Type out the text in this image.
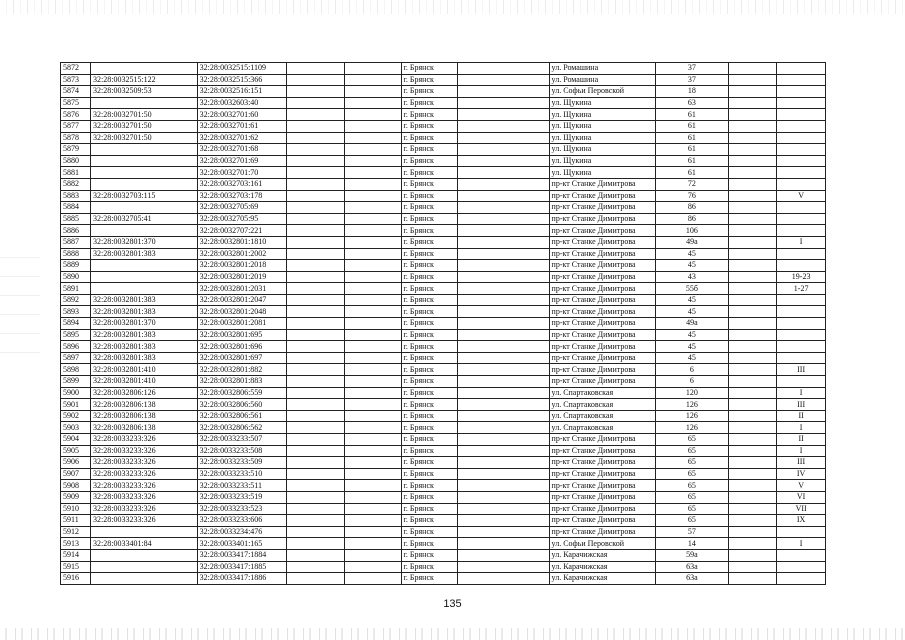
5872		32:28:0032515:1109			г. Брянск		ул. Ромашина	37		
5873	32:28:0032515:122	32:28:0032515:366			г. Брянск		ул. Ромашина	37		
5874	32:28:0032509:53	32:28:0032516:151			г. Брянск		ул. Софьи Перовской	18		
5875		32:28:0032603:40			г. Брянск		ул. Щукина	63		
5876	32:28:0032701:50	32:28:0032701:60			г. Брянск		ул. Щукина	61		
5877	32:28:0032701:50	32:28:0032701:61			г. Брянск		ул. Щукина	61		
5878	32:28:0032701:50	32:28:0032701:62			г. Брянск		ул. Щукина	61		
5879		32:28:0032701:68			г. Брянск		ул. Щукина	61		
5880		32:28:0032701:69			г. Брянск		ул. Щукина	61		
5881		32:28:0032701:70			г. Брянск		ул. Щукина	61		
5882		32:28:0032703:161			г. Брянск		пр-кт Станке Димитрова	72		
5883	32:28:0032703:115	32:28:0032703:178			г. Брянск		пр-кт Станке Димитрова	76		V
5884		32:28:0032705:69			г. Брянск		пр-кт Станке Димитрова	86		
5885	32:28:0032705:41	32:28:0032705:95			г. Брянск		пр-кт Станке Димитрова	86		
5886		32:28:0032707:221			г. Брянск		пр-кт Станке Димитрова	106		
5887	32:28:0032801:370	32:28:0032801:1810			г. Брянск		пр-кт Станке Димитрова	49а		I
5888	32:28:0032801:383	32:28:0032801:2002			г. Брянск		пр-кт Станке Димитрова	45		
5889		32:28:0032801:2018			г. Брянск		пр-кт Станке Димитрова	45		
5890		32:28:0032801:2019			г. Брянск		пр-кт Станке Димитрова	43		19-23
5891		32:28:0032801:2031			г. Брянск		пр-кт Станке Димитрова	55б		1-27
5892	32:28:0032801:383	32:28:0032801:2047			г. Брянск		пр-кт Станке Димитрова	45		
5893	32:28:0032801:383	32:28:0032801:2048			г. Брянск		пр-кт Станке Димитрова	45		
5894	32:28:0032801:370	32:28:0032801:2081			г. Брянск		пр-кт Станке Димитрова	49а		
5895	32:28:0032801:383	32:28:0032801:695			г. Брянск		пр-кт Станке Димитрова	45		
5896	32:28:0032801:383	32:28:0032801:696			г. Брянск		пр-кт Станке Димитрова	45		
5897	32:28:0032801:383	32:28:0032801:697			г. Брянск		пр-кт Станке Димитрова	45		
5898	32:28:0032801:410	32:28:0032801:882			г. Брянск		пр-кт Станке Димитрова	6		III
5899	32:28:0032801:410	32:28:0032801:883			г. Брянск		пр-кт Станке Димитрова	6		
5900	32:28:0032806:126	32:28:0032806:559			г. Брянск		ул. Спартаковская	120		I
5901	32:28:0032806:138	32:28:0032806:560			г. Брянск		ул. Спартаковская	126		III
5902	32:28:0032806:138	32:28:0032806:561			г. Брянск		ул. Спартаковская	126		II
5903	32:28:0032806:138	32:28:0032806:562			г. Брянск		ул. Спартаковская	126		I
5904	32:28:0033233:326	32:28:0033233:507			г. Брянск		пр-кт Станке Димитрова	65		II
5905	32:28:0033233:326	32:28:0033233:508			г. Брянск		пр-кт Станке Димитрова	65		I
5906	32:28:0033233:326	32:28:0033233:509			г. Брянск		пр-кт Станке Димитрова	65		III
5907	32:28:0033233:326	32:28:0033233:510			г. Брянск		пр-кт Станке Димитрова	65		IV
5908	32:28:0033233:326	32:28:0033233:511			г. Брянск		пр-кт Станке Димитрова	65		V
5909	32:28:0033233:326	32:28:0033233:519			г. Брянск		пр-кт Станке Димитрова	65		VI
5910	32:28:0033233:326	32:28:0033233:523			г. Брянск		пр-кт Станке Димитрова	65		VII
5911	32:28:0033233:326	32:28:0033233:606			г. Брянск		пр-кт Станке Димитрова	65		IX
5912		32:28:0033234:476			г. Брянск		пр-кт Станке Димитрова	57		
5913	32:28:0033401:84	32:28:0033401:165			г. Брянск		ул. Софьи Перовской	14		I
5914		32:28:0033417:1884			г. Брянск		ул. Карачижская	59а		
5915		32:28:0033417:1885			г. Брянск		ул. Карачижская	63а		
5916		32:28:0033417:1886			г. Брянск		ул. Карачижская	63а		
135
